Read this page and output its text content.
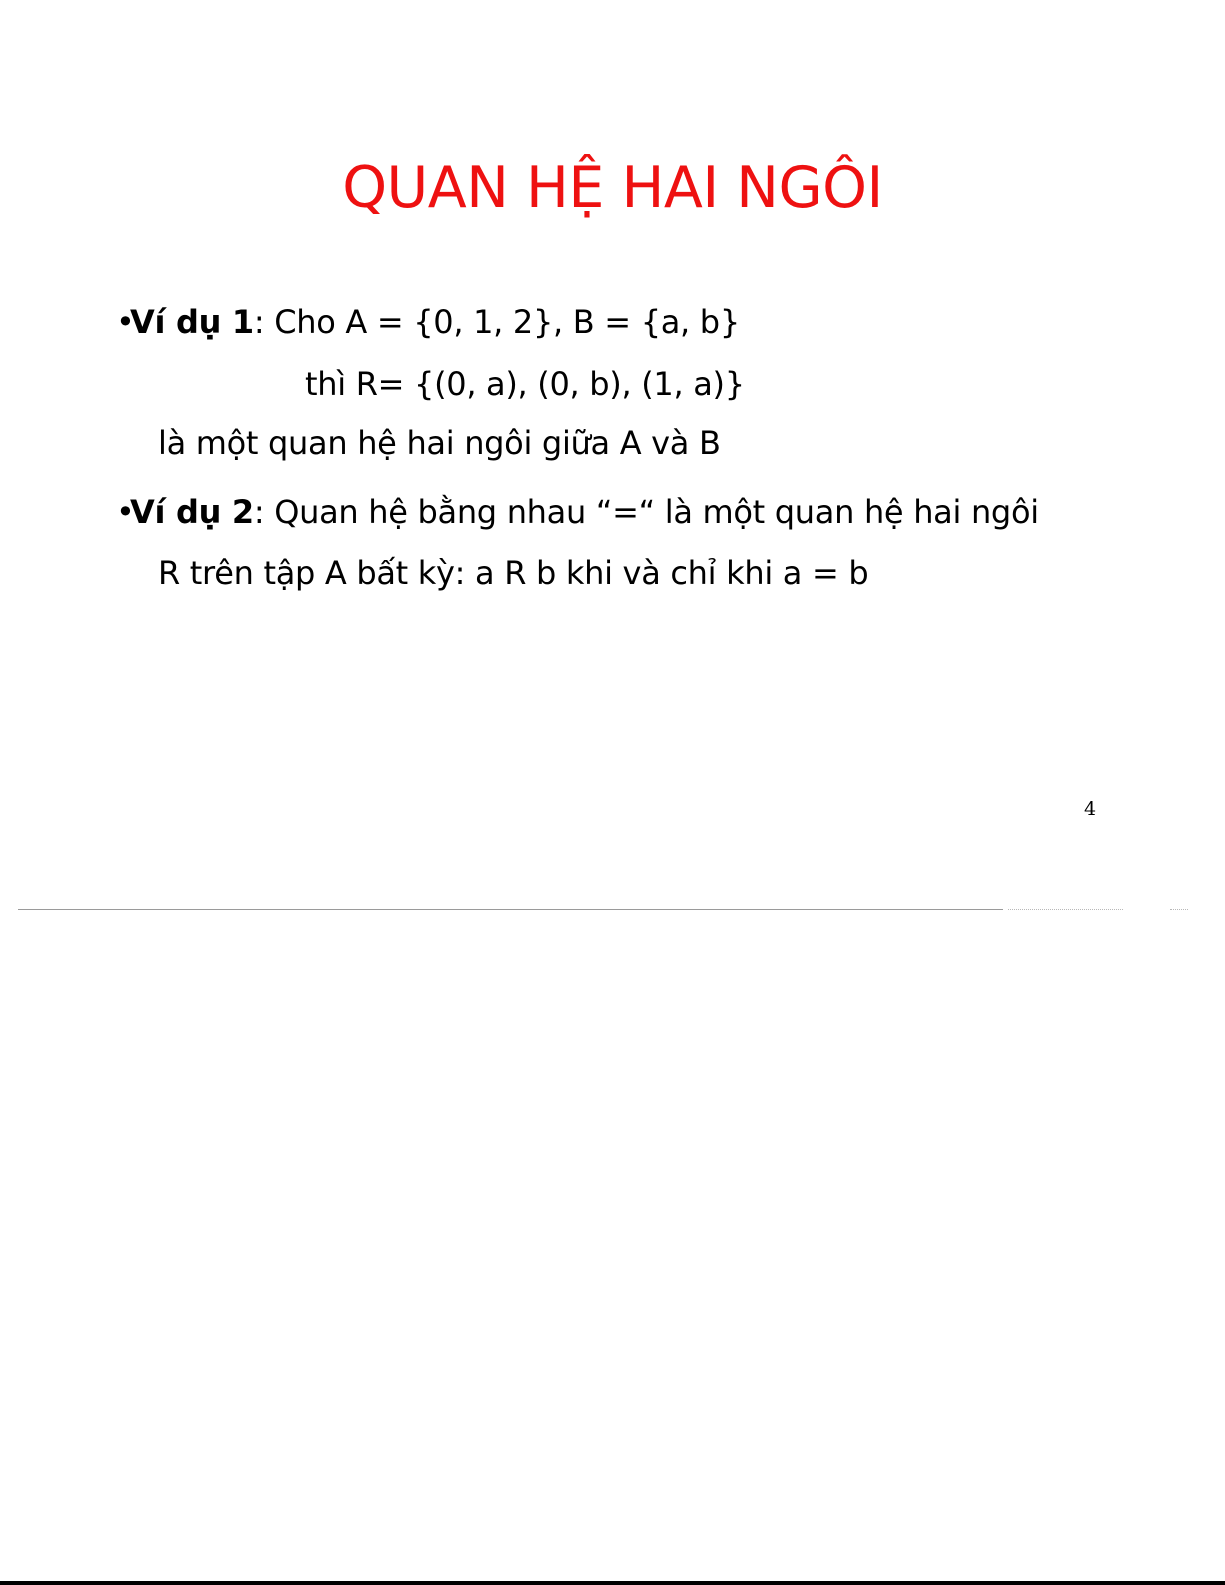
QUAN HỆ HAI NGÔI
•Ví dụ 1: Cho A = {0, 1, 2}, B = {a, b}
thì R= {(0, a), (0, b), (1, a)}
là một quan hệ hai ngôi giữa A và B
•Ví dụ 2: Quan hệ bằng nhau “=“ là một quan hệ hai ngôi
R trên tập A bất kỳ: a R b khi và chỉ khi a = b
4
